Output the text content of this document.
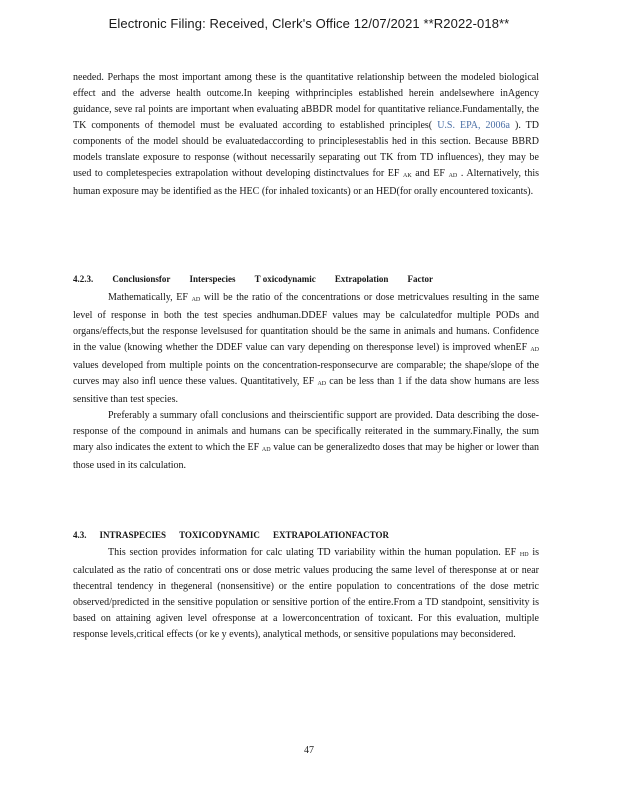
Electronic Filing: Received, Clerk's Office 12/07/2021 **R2022-018**

needed. Perhaps the most important among these is the quantitative relationship between the modeled biological effect and the adverse health outcome.In keeping withprinciples established herein andelsewhere inAgency guidance, seve ral points are important when evaluating aBBDR model for quantitative reliance.Fundamentally, the TK components of themodel must be evaluated according to established principles( U.S. EPA, 2006a ). TD components of the model should be evaluatedaccording to principlesestablis hed in this section. Because BBRD models translate exposure to response (without necessarily separating out TK from TD influences), they may be used to completespecies extrapolation without developing distinctvalues for EF AK and EF AD . Alternatively, this human exposure may be identified as the HEC (for inhaled toxicants) or an HED(for orally encountered toxicants).

4.2.3. Conclusionsfor Interspecies T oxicodynamic Extrapolation Factor

Mathematically, EF AD will be the ratio of the concentrations or dose metricvalues resulting in the same level of response in both the test species andhuman.DDEF values may be calculatedfor multiple PODs and organs/effects,but the response levelsused for quantitation should be the same in animals and humans. Confidence in the value (knowing whether the DDEF value can vary depending on theresponse level) is improved whenEF AD values developed from multiple points on the concentration-responsecurve are comparable; the shape/slope of the curves may also infl uence these values. Quantitatively, EF AD can be less than 1 if the data show humans are less sensitive than test species.

Preferably a summary ofall conclusions and theirscientific support are provided. Data describing the dose-response of the compound in animals and humans can be specifically reiterated in the summary.Finally, the sum mary also indicates the extent to which the EF AD value can be generalizedto doses that may be higher or lower than those used in its calculation.

4.3. INTRASPECIES TOXICODYNAMIC EXTRAPOLATIONFACTOR

This section provides information for calc ulating TD variability within the human population. EF HD is calculated as the ratio of concentrati ons or dose metric values producing the same level of theresponse at or near thecentral tendency in thegeneral (nonsensitive) or the entire population to concentrations of the dose metric observed/predicted in the sensitive population or sensitive portion of the entire.From a TD standpoint, sensitivity is based on attaining agiven level ofresponse at a lowerconcentration of toxicant. For this evaluation, multiple response levels,critical effects (or ke y events), analytical methods, or sensitive populations may beconsidered.

47
